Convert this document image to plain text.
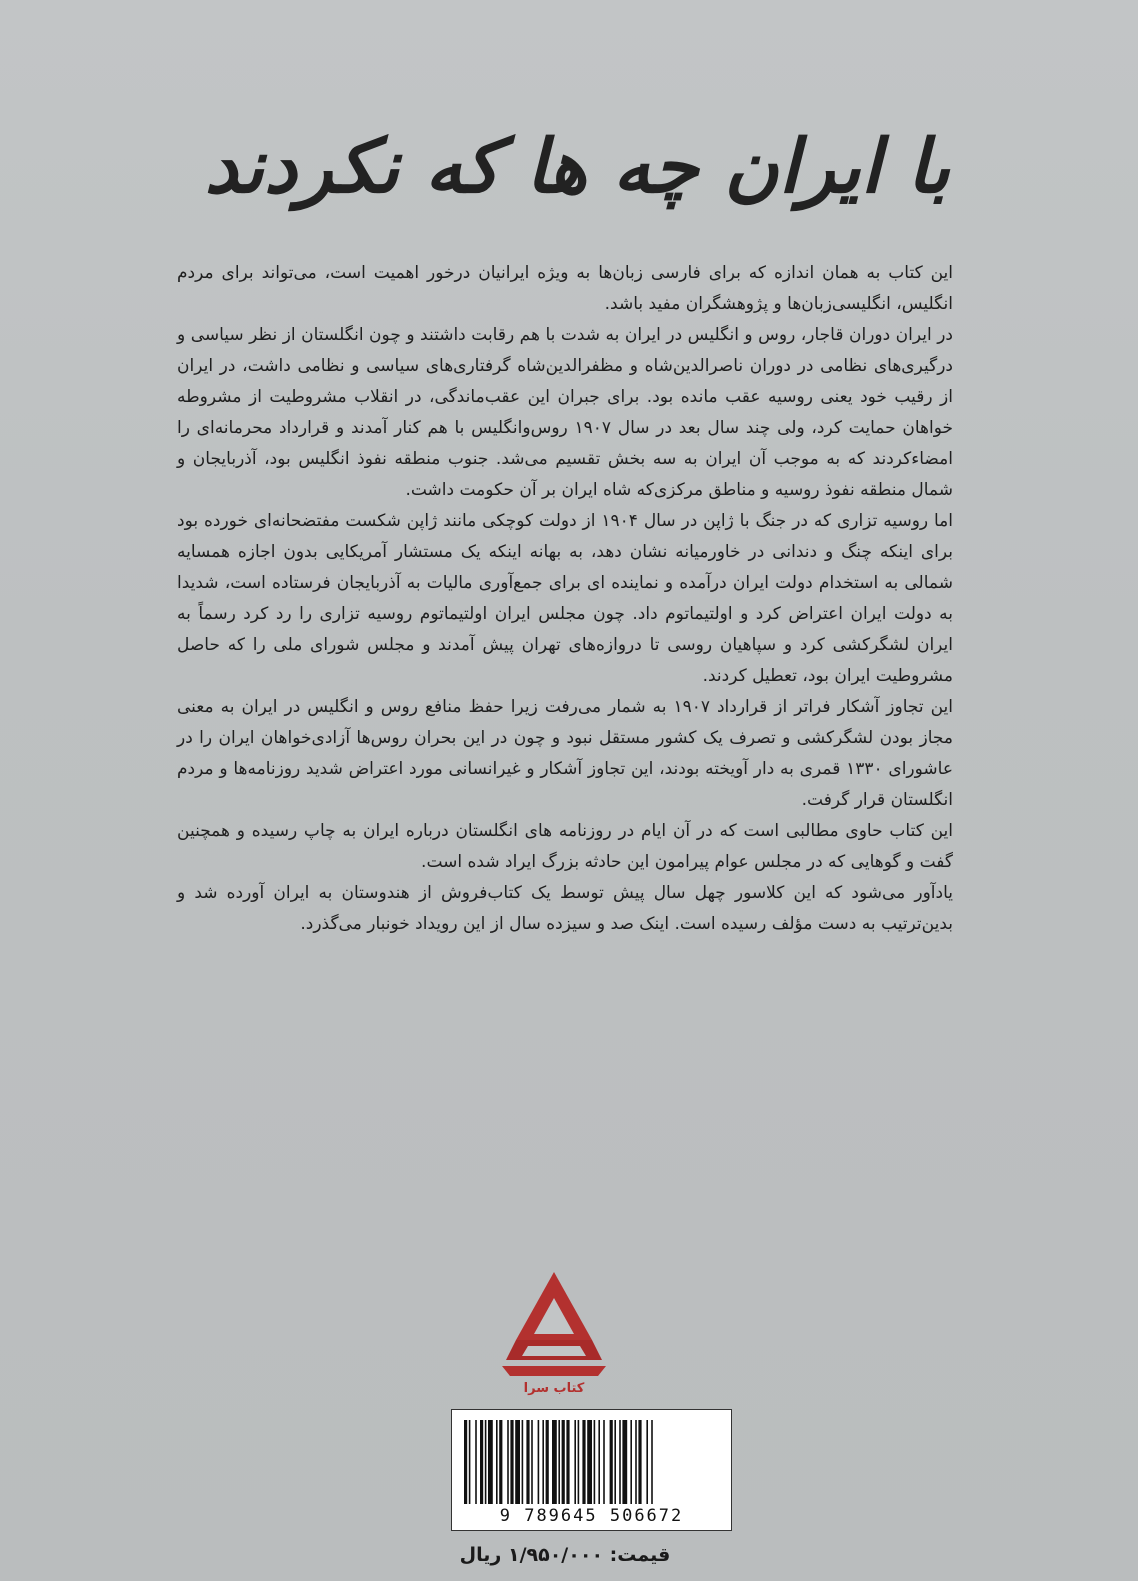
با ایران چه ها که نکردند

این کتاب به همان اندازه که برای فارسی زبان‌ها به ویژه ایرانیان درخور اهمیت است، می‌تواند برای مردم انگلیس، انگلیسی‌زبان‌ها و پژوهشگران مفید باشد.

در ایران دوران قاجار، روس و انگلیس در ایران به شدت با هم رقابت داشتند و چون انگلستان از نظر سیاسی و درگیری‌های نظامی در دوران ناصرالدین‌شاه و مظفرالدین‌شاه گرفتاری‌های سیاسی و نظامی داشت، در ایران از رقیب خود یعنی روسیه عقب مانده بود. برای جبران این عقب‌ماندگی، در انقلاب مشروطیت از مشروطه خواهان حمایت کرد، ولی چند سال بعد در سال ۱۹۰۷ روس‌وانگلیس با هم کنار آمدند و قرارداد محرمانه‌ای را امضاءکردند که به موجب آن ایران به سه بخش تقسیم می‌شد. جنوب منطقه نفوذ انگلیس بود، آذربایجان و شمال منطقه نفوذ روسیه و مناطق مرکزی‌که شاه ایران بر آن حکومت داشت.

اما روسیه تزاری که در جنگ با ژاپن در سال ۱۹۰۴ از دولت کوچکی مانند ژاپن شکست مفتضحانه‌ای خورده بود برای اینکه چنگ و دندانی در خاورمیانه نشان دهد، به بهانه اینکه یک مستشار آمریکایی بدون اجازه همسایه شمالی به استخدام دولت ایران درآمده و نماینده ای برای جمع‌آوری مالیات به آذربایجان فرستاده است، شدیدا به دولت ایران اعتراض کرد و اولتیماتوم داد. چون مجلس ایران اولتیماتوم روسیه تزاری را رد کرد رسماً به ایران لشگرکشی کرد و سپاهیان روسی تا دروازه‌های تهران پیش آمدند و مجلس شورای ملی را که حاصل مشروطیت ایران بود، تعطیل کردند.

این تجاوز آشکار فراتر از قرارداد ۱۹۰۷ به شمار می‌رفت زیرا حفظ منافع روس و انگلیس در ایران به معنی مجاز بودن لشگرکشی و تصرف یک کشور مستقل نبود و چون در این بحران روس‌ها آزادی‌خواهان ایران را در عاشورای ۱۳۳۰ قمری به دار آویخته بودند، این تجاوز آشکار و غیرانسانی مورد اعتراض شدید روزنامه‌ها و مردم انگلستان قرار گرفت.

این کتاب حاوی مطالبی است که در آن ایام در روزنامه های انگلستان درباره ایران به چاپ رسیده و همچنین گفت و گوهایی که در مجلس عوام پیرامون این حادثه بزرگ ایراد شده است.

یادآور می‌شود که این کلاسور چهل سال پیش توسط یک کتاب‌فروش از هندوستان به ایران آورده شد و بدین‌ترتیب به دست مؤلف رسیده است. اینک صد و سیزده سال از این رویداد خونبار می‌گذرد.

کتاب سرا
9 789645 506672
قیمت: ۱/۹۵۰/۰۰۰ ریال
